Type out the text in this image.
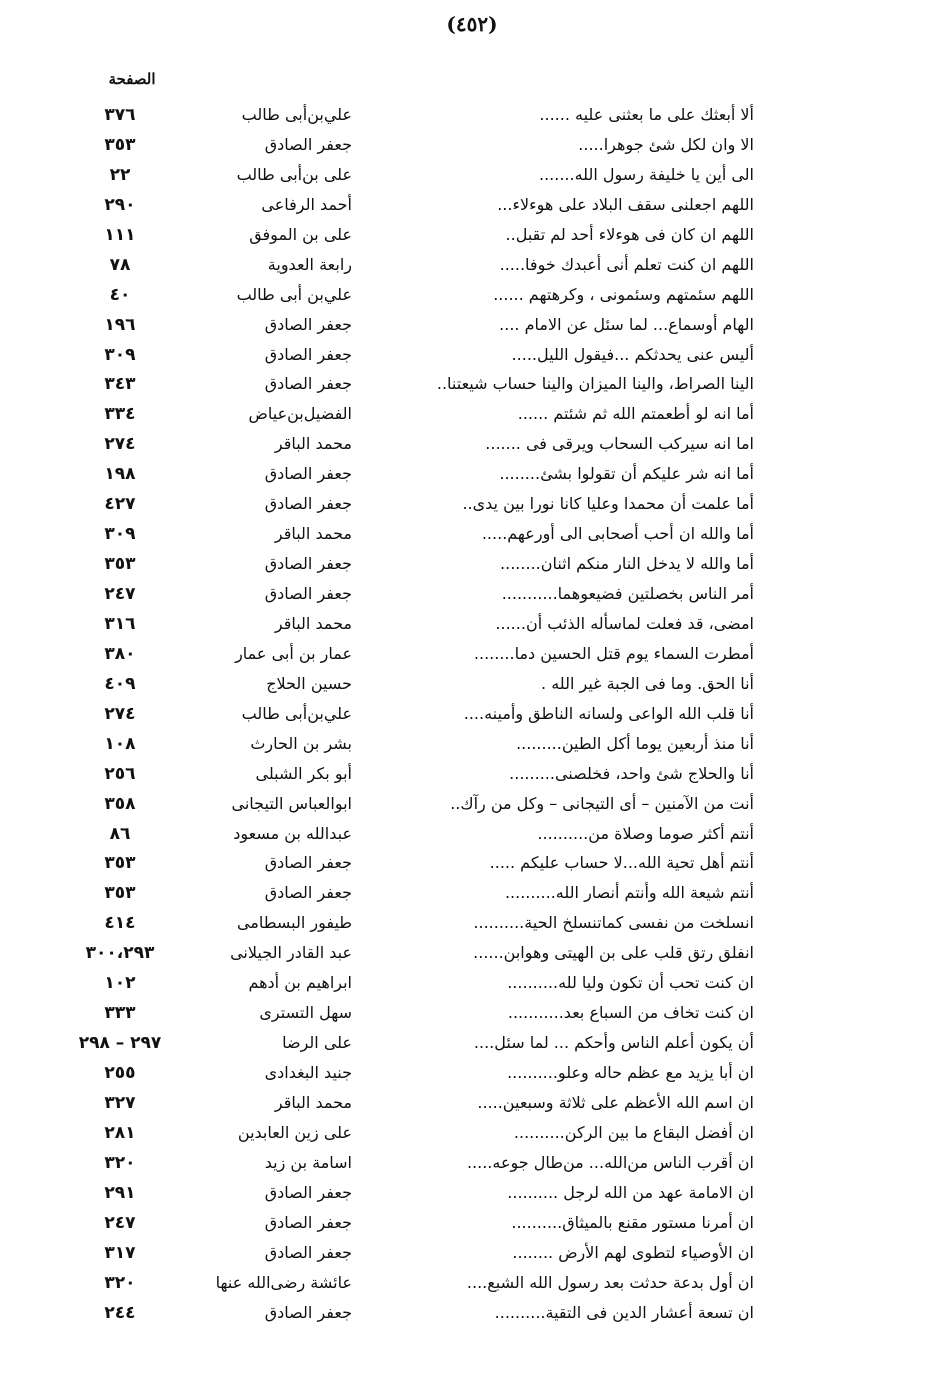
(٤٥٢)
الصفحة
ألا أبعثك على ما بعثنى عليه ......
علي‌بن‌أبى طالب
٣٧٦
الا وان لكل شئ جوهرا.....
جعفر الصادق
٣٥٣
الى أين يا خليفة رسول الله.......
على بن‌أبى طالب
٢٢
اللهم اجعلنى سقف البلاد على هوءلاء...
أحمد الرفاعى
٢٩٠
اللهم ان كان فى هوءلاء أحد لم تقبل..
على بن الموفق
١١١
اللهم ان كنت تعلم أنى أعبدك خوفا.....
رابعة العدوية
٧٨
اللهم سئمتهم وسئمونى ، وكرهتهم ......
علي‌بن أبى طالب
٤٠
الهام أوسماع... لما سئل عن الامام ....
جعفر الصادق
١٩٦
أليس عنى يحدثكم ...فيقول الليل.....
جعفر الصادق
٣٠٩
الينا الصراط، والينا الميزان والينا حساب شيعتنا..
جعفر الصادق
٣٤٣
أما انه لو أطعمتم الله ثم شئتم ......
الفضيل‌بن‌عياض
٣٣٤
اما انه سيركب السحاب ويرقى فى .......
محمد الباقر
٢٧٤
أما انه شر عليكم أن تقولوا بشئ........
جعفر الصادق
١٩٨
أما علمت أن محمدا وعليا كانا نورا بين يدى..
جعفر الصادق
٤٢٧
أما والله ان أحب أصحابى الى أورعهم.....
محمد الباقر
٣٠٩
أما والله لا يدخل النار منكم اثنان........
جعفر الصادق
٣٥٣
أمر الناس بخصلتين فضيعوهما...........
جعفر الصادق
٢٤٧
امضى، قد فعلت لماسأله الذئب أن......
محمد الباقر
٣١٦
أمطرت السماء يوم قتل الحسين دما........
عمار بن أبى عمار
٣٨٠
أنا الحق. وما فى الجبة غير الله .
حسين الحلاج
٤٠٩
أنا قلب الله الواعى ولسانه الناطق وأمينه....
علي‌بن‌أبى طالب
٢٧٤
أنا منذ أربعين يوما أكل الطين.........
بشر بن الحارث
١٠٨
أنا والحلاج شئ واحد، فخلصنى.........
أبو بكر الشبلى
٢٥٦
أنت من الآمنين – أى التيجانى – وكل من رآك..
ابوالعباس التيجانى
٣٥٨
أنتم أكثر صوما وصلاة من..........
عبدالله بن مسعود
٨٦
أنتم أهل تحية الله...لا حساب عليكم .....
جعفر الصادق
٣٥٣
أنتم شيعة الله وأنتم أنصار الله..........
جعفر الصادق
٣٥٣
انسلخت من نفسى كماتنسلخ الحية..........
طيفور البسطامى
٤١٤
انفلق رتق قلب على بن الهيتى وهوابن......
عبد القادر الجيلانى
٣٠٠،٢٩٣
ان كنت تحب أن تكون وليا لله..........
ابراهيم بن أدهم
١٠٢
ان كنت تخاف من السباع بعد...........
سهل التسترى
٣٣٣
أن يكون أعلم الناس وأحكم ... لما سئل....
على الرضا
٢٩٧ – ٢٩٨
ان أبا يزيد مع عظم حاله وعلو..........
جنيد البغدادى
٢٥٥
ان اسم الله الأعظم على ثلاثة وسبعين.....
محمد الباقر
٣٢٧
ان أفضل البقاع ما بين الركن..........
على زين العابدين
٢٨١
ان أقرب الناس من‌الله... من‌طال جوعه.....
اسامة بن زيد
٣٢٠
ان الامامة عهد من الله لرجل ..........
جعفر الصادق
٢٩١
ان أمرنا مستور مقنع بالميثاق..........
جعفر الصادق
٢٤٧
ان الأوصياء لتطوى لهم الأرض ........
جعفر الصادق
٣١٧
ان أول بدعة حدثت بعد رسول الله الشبع....
عائشة رضى‌الله عنها
٣٢٠
ان تسعة أعشار الدين فى التقية..........
جعفر الصادق
٢٤٤
